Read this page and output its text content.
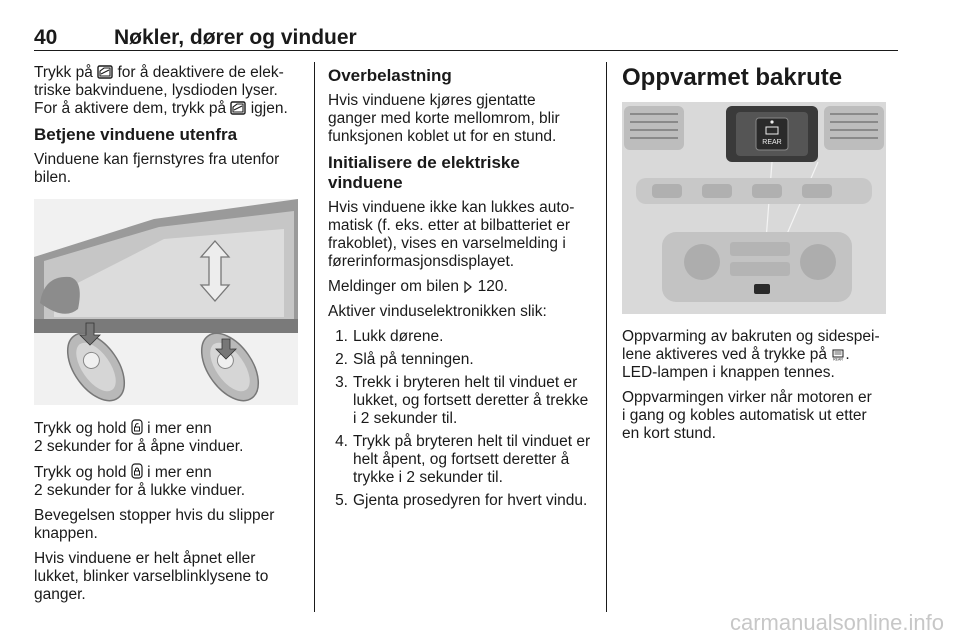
40	Nøkler, dører og vinduer

Trykk på for å deaktivere de elek-
triske bakvinduene, lysdioden lyser.
For å aktivere dem, trykk på igjen.

Betjene vinduene utenfra

Vinduene kan fjernstyres fra utenfor
bilen.

Trykk og hold i mer enn
2 sekunder for å åpne vinduer.

Trykk og hold i mer enn
2 sekunder for å lukke vinduer.

Bevegelsen stopper hvis du slipper
knappen.

Hvis vinduene er helt åpnet eller
lukket, blinker varselblinklysene to
ganger.

Overbelastning

Hvis vinduene kjøres gjentatte
ganger med korte mellomrom, blir
funksjonen koblet ut for en stund.

Initialisere de elektriske vinduene

Hvis vinduene ikke kan lukkes auto-
matisk (f. eks. etter at bilbatteriet er
frakoblet), vises en varselmelding i
førerinformasjonsdisplayet.

Meldinger om bilen 120.

Aktiver vinduselektronikken slik:

1. Lukk dørene.
2. Slå på tenningen.
3. Trekk i bryteren helt til vinduet er
lukket, og fortsett deretter å trekke
i 2 sekunder til.
4. Trykk på bryteren helt til vinduet er
helt åpent, og fortsett deretter å
trykke i 2 sekunder til.
5. Gjenta prosedyren for hvert vindu.
Oppvarmet bakrute
REAR

Oppvarming av bakruten og sidespei-
lene aktiveres ved å trykke på REAR .
LED-lampen i knappen tennes.

Oppvarmingen virker når motoren er
i gang og kobles automatisk ut etter
en kort stund.

carmanualsonline.info
